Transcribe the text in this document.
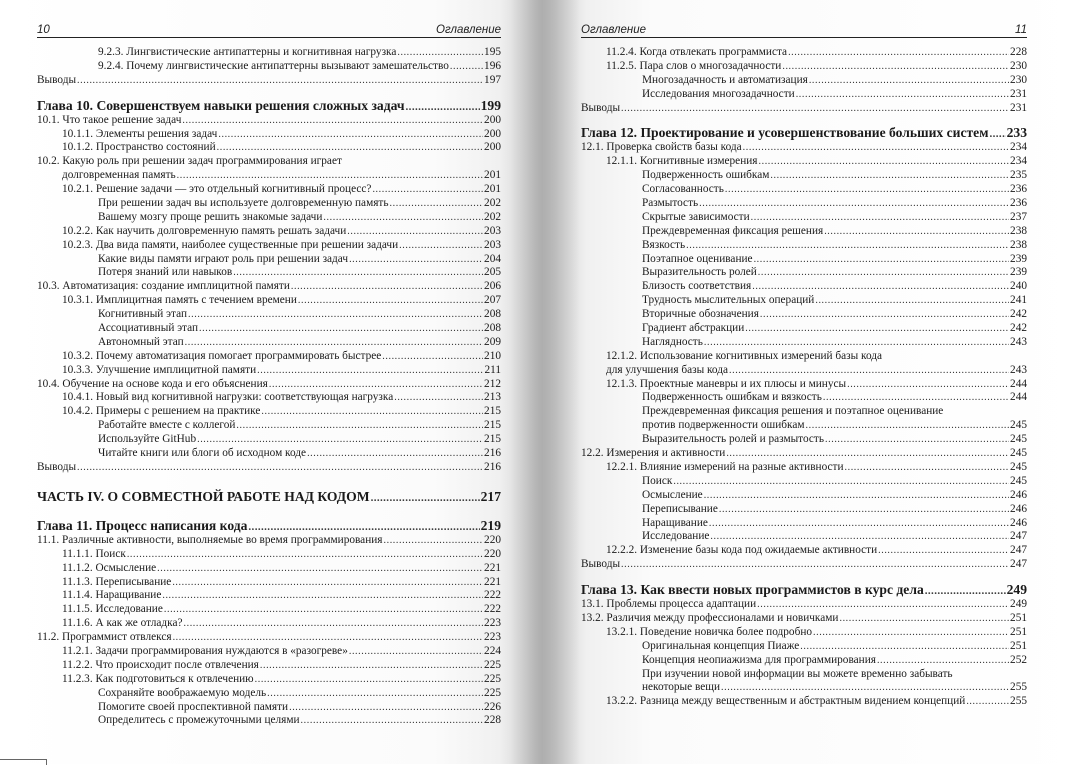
10	Оглавление
9.2.3. Лингвистические антипаттерны и когнитивная нагрузка .....	195
9.2.4. Почему лингвистические антипаттерны вызывают замешательство .....	196
Выводы .....	197
Глава 10. Совершенствуем навыки решения сложных задач .....	199
10.1. Что такое решение задач .....	200
10.1.1. Элементы решения задач .....	200
10.1.2. Пространство состояний .....	200
10.2. Какую роль при решении задач программирования играет
долговременная память .....	201
10.2.1. Решение задачи — это отдельный когнитивный процесс? .....	201
При решении задач вы используете долговременную память .....	202
Вашему мозгу проще решить знакомые задачи .....	202
10.2.2. Как научить долговременную память решать задачи .....	203
10.2.3. Два вида памяти, наиболее существенные при решении задачи .....	203
Какие виды памяти играют роль при решении задач .....	204
Потеря знаний или навыков .....	205
10.3. Автоматизация: создание имплицитной памяти .....	206
10.3.1. Имплицитная память с течением времени .....	207
Когнитивный этап .....	208
Ассоциативный этап .....	208
Автономный этап .....	209
10.3.2. Почему автоматизация помогает программировать быстрее .....	210
10.3.3. Улучшение имплицитной памяти .....	211
10.4. Обучение на основе кода и его объяснения .....	212
10.4.1. Новый вид когнитивной нагрузки: соответствующая нагрузка .....	213
10.4.2. Примеры с решением на практике .....	215
Работайте вместе с коллегой .....	215
Используйте GitHub .....	215
Читайте книги или блоги об исходном коде .....	216
Выводы .....	216
ЧАСТЬ IV. О СОВМЕСТНОЙ РАБОТЕ НАД КОДОМ .....	217
Глава 11. Процесс написания кода .....	219
11.1. Различные активности, выполняемые во время программирования .....	220
11.1.1. Поиск .....	220
11.1.2. Осмысление .....	221
11.1.3. Переписывание .....	221
11.1.4. Наращивание .....	222
11.1.5. Исследование .....	222
11.1.6. А как же отладка? .....	223
11.2. Программист отвлекся .....	223
11.2.1. Задачи программирования нуждаются в «разогреве» .....	224
11.2.2. Что происходит после отвлечения .....	225
11.2.3. Как подготовиться к отвлечению .....	225
Сохраняйте воображаемую модель .....	225
Помогите своей проспективной памяти .....	226
Определитесь с промежуточными целями .....	228
Оглавление	11
11.2.4. Когда отвлекать программиста .....	228
11.2.5. Пара слов о многозадачности .....	230
Многозадачность и автоматизация .....	230
Исследования многозадачности .....	231
Выводы .....	231
Глава 12. Проектирование и усовершенствование больших систем ..... 233
12.1. Проверка свойств базы кода .....	234
12.1.1. Когнитивные измерения .....	234
Подверженность ошибкам .....	235
Согласованность .....	236
Размытость .....	236
Скрытые зависимости .....	237
Преждевременная фиксация решения .....	238
Вязкость .....	238
Поэтапное оценивание .....	239
Выразительность ролей .....	239
Близость соответствия .....	240
Трудность мыслительных операций .....	241
Вторичные обозначения .....	242
Градиент абстракции .....	242
Наглядность .....	243
12.1.2. Использование когнитивных измерений базы кода
для улучшения базы кода .....	243
12.1.3. Проектные маневры и их плюсы и минусы .....	244
Подверженность ошибкам и вязкость .....	244
Преждевременная фиксация решения и поэтапное оценивание
против подверженности ошибкам .....	245
Выразительность ролей и размытость .....	245
12.2. Измерения и активности .....	245
12.2.1. Влияние измерений на разные активности .....	245
Поиск .....	245
Осмысление .....	246
Переписывание .....	246
Наращивание .....	246
Исследование .....	247
12.2.2. Изменение базы кода под ожидаемые активности .....	247
Выводы .....	247
Глава 13. Как ввести новых программистов в курс дела .....	249
13.1. Проблемы процесса адаптации .....	249
13.2. Различия между профессионалами и новичками .....	251
13.2.1. Поведение новичка более подробно .....	251
Оригинальная концепция Пиаже .....	251
Концепция неопиажизма для программирования .....	252
При изучении новой информации вы можете временно забывать
некоторые вещи .....	255
13.2.2. Разница между вещественным и абстрактным видением концепций .....	255
